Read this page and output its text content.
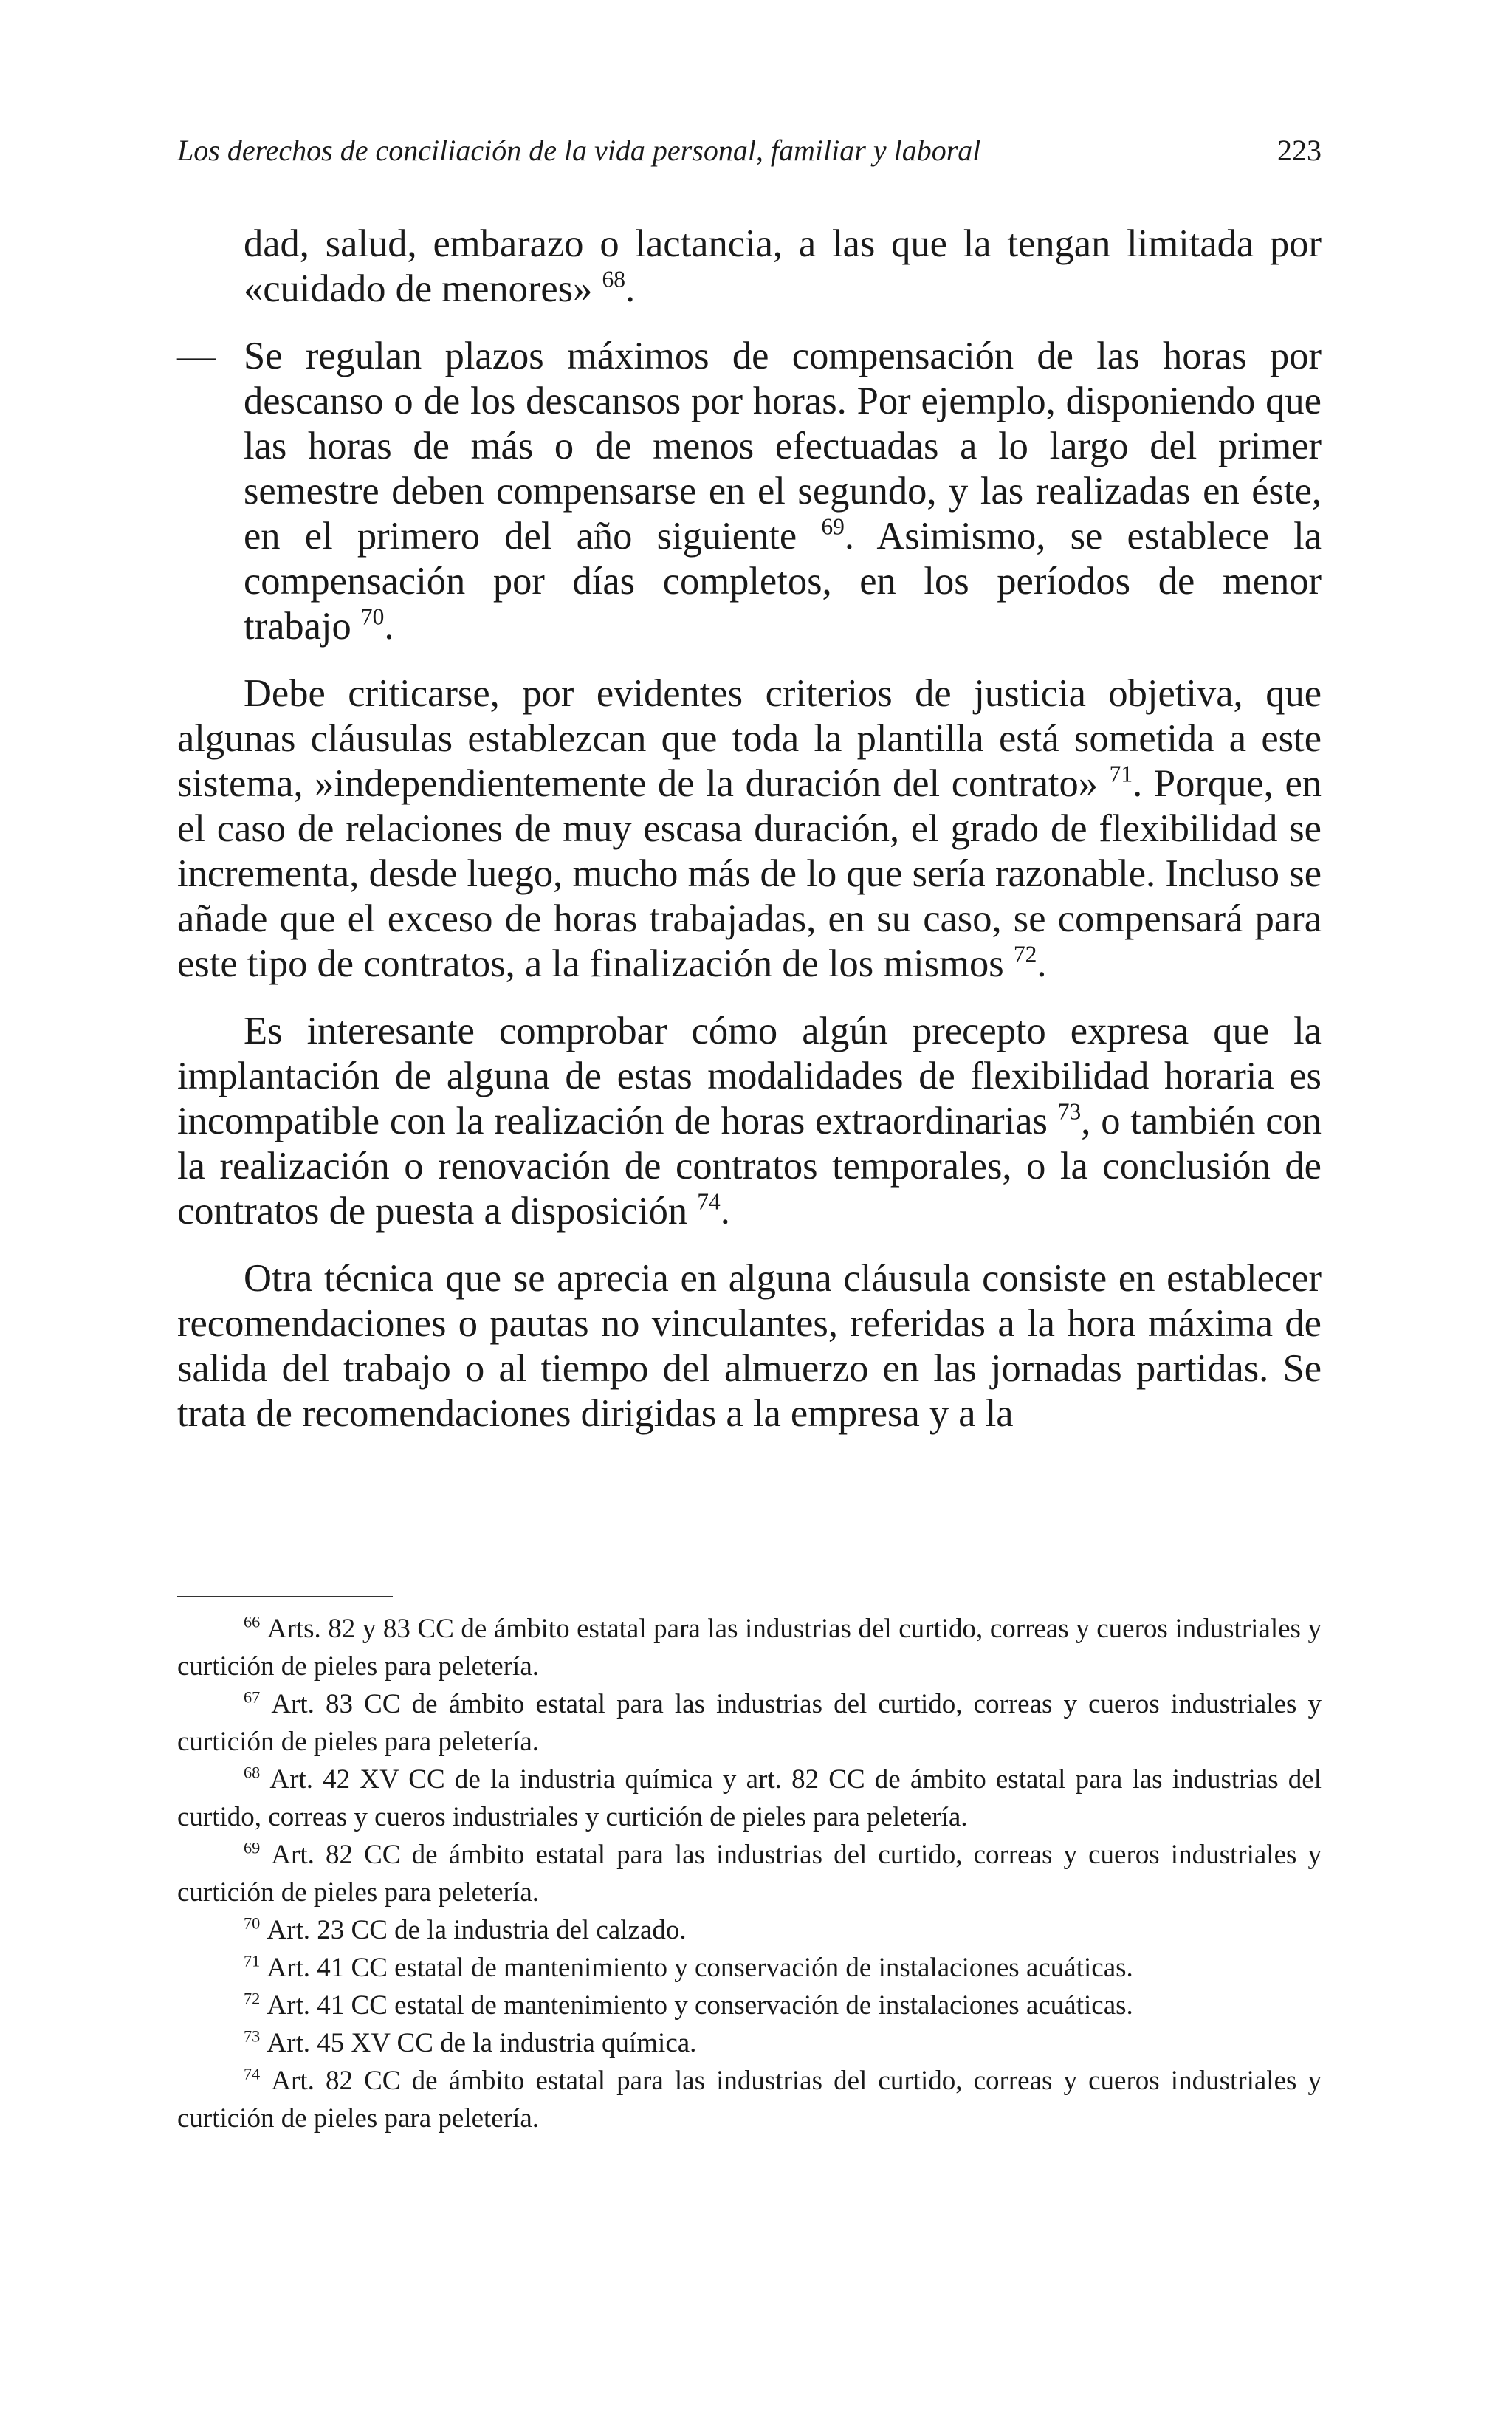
Los derechos de conciliación de la vida personal, familiar y laboral	223

dad, salud, embarazo o lactancia, a las que la tengan limitada por «cuidado de menores» $^{68}$.

— Se regulan plazos máximos de compensación de las horas por descanso o de los descansos por horas. Por ejemplo, disponiendo que las horas de más o de menos efectuadas a lo largo del primer semestre deben compensarse en el segundo, y las realizadas en éste, en el primero del año siguiente $^{69}$. Asimismo, se establece la compensación por días completos, en los períodos de menor trabajo $^{70}$.

Debe criticarse, por evidentes criterios de justicia objetiva, que algunas cláusulas establezcan que toda la plantilla está sometida a este sistema, »independientemente de la duración del contrato» $^{71}$. Porque, en el caso de relaciones de muy escasa duración, el grado de flexibilidad se incrementa, desde luego, mucho más de lo que sería razonable. Incluso se añade que el exceso de horas trabajadas, en su caso, se compensará para este tipo de contratos, a la finalización de los mismos $^{72}$.

Es interesante comprobar cómo algún precepto expresa que la implantación de alguna de estas modalidades de flexibilidad horaria es incompatible con la realización de horas extraordinarias $^{73}$, o también con la realización o renovación de contratos temporales, o la conclusión de contratos de puesta a disposición $^{74}$.

Otra técnica que se aprecia en alguna cláusula consiste en establecer recomendaciones o pautas no vinculantes, referidas a la hora máxima de salida del trabajo o al tiempo del almuerzo en las jornadas partidas. Se trata de recomendaciones dirigidas a la empresa y a la

$^{66}$ Arts. 82 y 83 CC de ámbito estatal para las industrias del curtido, correas y cueros industriales y curtición de pieles para peletería.

$^{67}$ Art. 83 CC de ámbito estatal para las industrias del curtido, correas y cueros industriales y curtición de pieles para peletería.

$^{68}$ Art. 42 XV CC de la industria química y art. 82 CC de ámbito estatal para las industrias del curtido, correas y cueros industriales y curtición de pieles para peletería.

$^{69}$ Art. 82 CC de ámbito estatal para las industrias del curtido, correas y cueros industriales y curtición de pieles para peletería.

$^{70}$ Art. 23 CC de la industria del calzado.

$^{71}$ Art. 41 CC estatal de mantenimiento y conservación de instalaciones acuáticas.

$^{72}$ Art. 41 CC estatal de mantenimiento y conservación de instalaciones acuáticas.

$^{73}$ Art. 45 XV CC de la industria química.

$^{74}$ Art. 82 CC de ámbito estatal para las industrias del curtido, correas y cueros industriales y curtición de pieles para peletería.
